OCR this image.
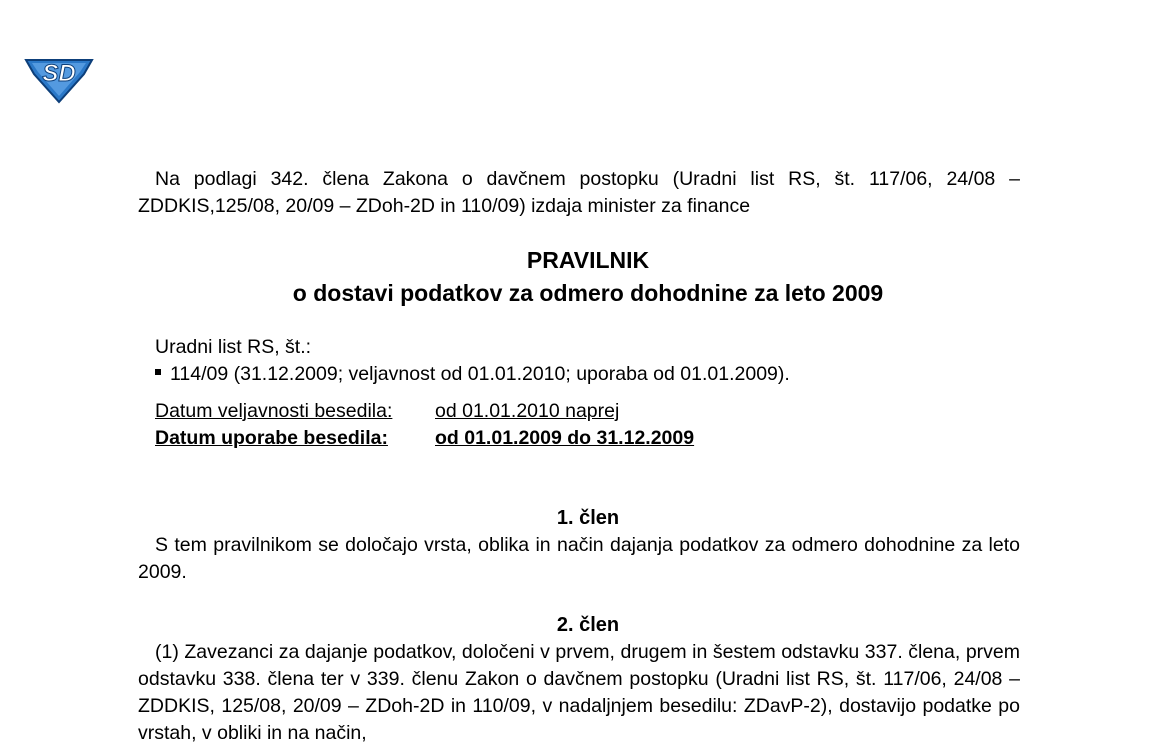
SD

Na podlagi 342. člena Zakona o davčnem postopku (Uradni list RS, št. 117/06, 24/08 – ZDDKIS,125/08, 20/09 – ZDoh-2D in 110/09) izdaja minister za finance

PRAVILNIK

o dostavi podatkov za odmero dohodnine za leto 2009

Uradni list RS, št.:

114/09 (31.12.2009; veljavnost od 01.01.2010; uporaba od 01.01.2009).

Datum veljavnosti besedila: od 01.01.2010 naprej

Datum uporabe besedila: od 01.01.2009 do 31.12.2009

1. člen

S tem pravilnikom se določajo vrsta, oblika in način dajanja podatkov za odmero dohodnine za leto 2009.

2. člen

(1) Zavezanci za dajanje podatkov, določeni v prvem, drugem in šestem odstavku 337. člena, prvem odstavku 338. člena ter v 339. členu Zakon o davčnem postopku (Uradni list RS, št. 117/06, 24/08 – ZDDKIS, 125/08, 20/09 – ZDoh-2D in 110/09, v nadaljnjem besedilu: ZDavP-2), dostavijo podatke po vrstah, v obliki in na način,
